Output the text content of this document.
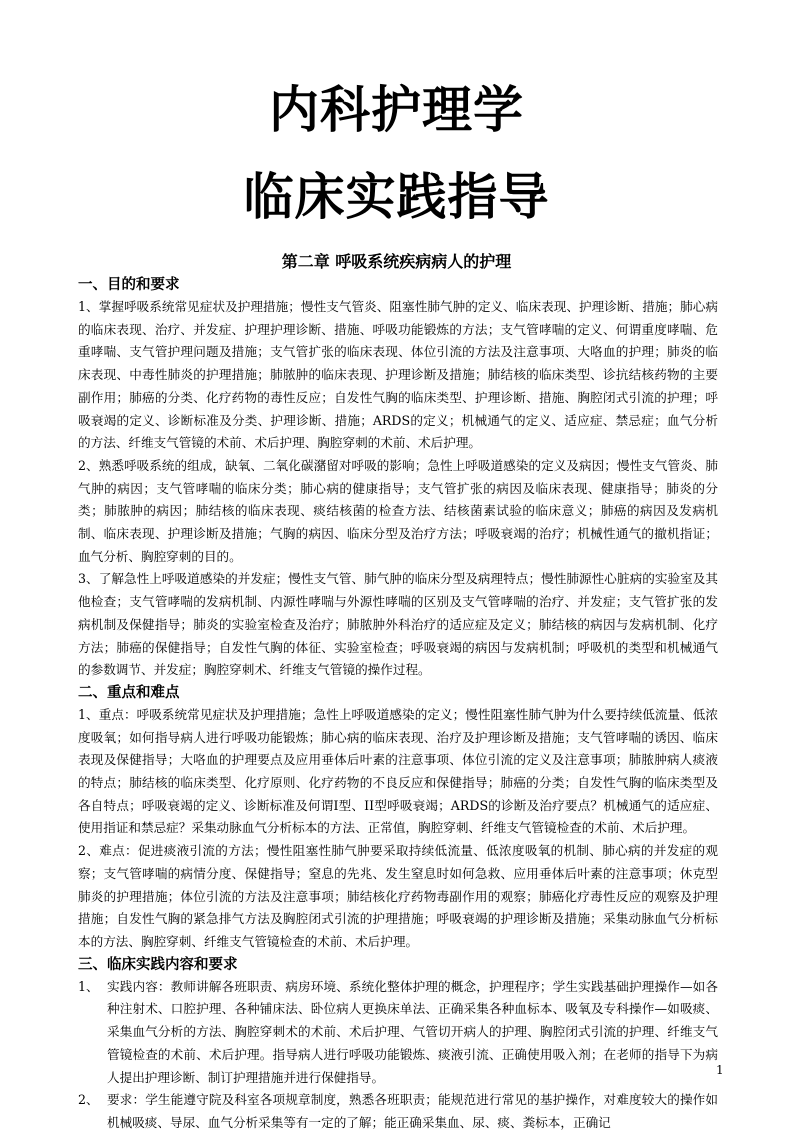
内科护理学
临床实践指导
第二章 呼吸系统疾病病人的护理
一、目的和要求

1、掌握呼吸系统常见症状及护理措施；慢性支气管炎、阻塞性肺气肿的定义、临床表现、护理诊断、措施；肺心病的临床表现、治疗、并发症、护理护理诊断、措施、呼吸功能锻炼的方法；支气管哮喘的定义、何谓重度哮喘、危重哮喘、支气管护理问题及措施；支气管扩张的临床表现、体位引流的方法及注意事项、大咯血的护理；肺炎的临床表现、中毒性肺炎的护理措施；肺脓肿的临床表现、护理诊断及措施；肺结核的临床类型、诊抗结核药物的主要副作用；肺癌的分类、化疗药物的毒性反应；自发性气胸的临床类型、护理诊断、措施、胸腔闭式引流的护理；呼吸衰竭的定义、诊断标准及分类、护理诊断、措施；ARDS的定义；机械通气的定义、适应症、禁忌症；血气分析的方法、纤维支气管镜的术前、术后护理、胸腔穿刺的术前、术后护理。

2、熟悉呼吸系统的组成，缺氧、二氧化碳潴留对呼吸的影响；急性上呼吸道感染的定义及病因；慢性支气管炎、肺气肿的病因；支气管哮喘的临床分类；肺心病的健康指导；支气管扩张的病因及临床表现、健康指导；肺炎的分类；肺脓肿的病因；肺结核的临床表现、痰结核菌的检查方法、结核菌素试验的临床意义；肺癌的病因及发病机制、临床表现、护理诊断及措施；气胸的病因、临床分型及治疗方法；呼吸衰竭的治疗；机械性通气的撤机指证；血气分析、胸腔穿刺的目的。

3、了解急性上呼吸道感染的并发症；慢性支气管、肺气肿的临床分型及病理特点；慢性肺源性心脏病的实验室及其他检查；支气管哮喘的发病机制、内源性哮喘与外源性哮喘的区别及支气管哮喘的治疗、并发症；支气管扩张的发病机制及保健指导；肺炎的实验室检查及治疗；肺脓肿外科治疗的适应症及定义；肺结核的病因与发病机制、化疗方法；肺癌的保健指导；自发性气胸的体征、实验室检查；呼吸衰竭的病因与发病机制；呼吸机的类型和机械通气的参数调节、并发症；胸腔穿刺术、纤维支气管镜的操作过程。

二、重点和难点

1、重点：呼吸系统常见症状及护理措施；急性上呼吸道感染的定义；慢性阻塞性肺气肿为什么要持续低流量、低浓度吸氧；如何指导病人进行呼吸功能锻炼；肺心病的临床表现、治疗及护理诊断及措施；支气管哮喘的诱因、临床表现及保健指导；大咯血的护理要点及应用垂体后叶素的注意事项、体位引流的定义及注意事项；肺脓肿病人痰液的特点；肺结核的临床类型、化疗原则、化疗药物的不良反应和保健指导；肺癌的分类；自发性气胸的临床类型及各自特点；呼吸衰竭的定义、诊断标准及何谓I型、II型呼吸衰竭；ARDS的诊断及治疗要点？机械通气的适应症、使用指证和禁忌症？采集动脉血气分析标本的方法、正常值，胸腔穿刺、纤维支气管镜检查的术前、术后护理。

2、难点：促进痰液引流的方法；慢性阻塞性肺气肿要采取持续低流量、低浓度吸氧的机制、肺心病的并发症的观察；支气管哮喘的病情分度、保健指导；窒息的先兆、发生窒息时如何急救、应用垂体后叶素的注意事项；休克型肺炎的护理措施；体位引流的方法及注意事项；肺结核化疗药物毒副作用的观察；肺癌化疗毒性反应的观察及护理措施；自发性气胸的紧急排气方法及胸腔闭式引流的护理措施；呼吸衰竭的护理诊断及措施；采集动脉血气分析标本的方法、胸腔穿刺、纤维支气管镜检查的术前、术后护理。

三、临床实践内容和要求
1、 实践内容：教师讲解各班职责、病房环境、系统化整体护理的概念，护理程序；学生实践基础护理操作—如各种注射术、口腔护理、各种铺床法、卧位病人更换床单法、正确采集各种血标本、吸氧及专科操作—如吸痰、采集血气分析的方法、胸腔穿刺术的术前、术后护理、气管切开病人的护理、胸腔闭式引流的护理、纤维支气管镜检查的术前、术后护理。指导病人进行呼吸功能锻炼、痰液引流、正确使用吸入剂；在老师的指导下为病人提出护理诊断、制订护理措施并进行保健指导。
2、 要求：学生能遵守院及科室各项规章制度，熟悉各班职责；能规范进行常见的基护操作，对难度较大的操作如机械吸痰、导尿、血气分析采集等有一定的了解；能正确采集血、尿、痰、粪标本，正确记
1
